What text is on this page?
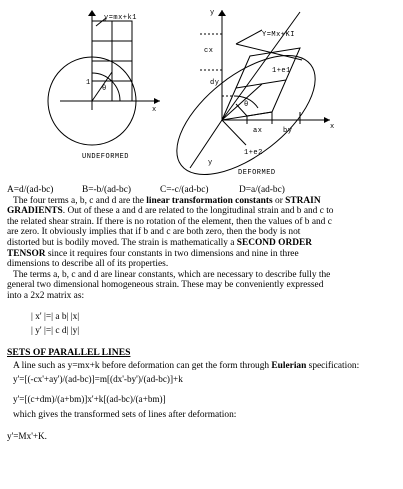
y=mx+k1
1
θ
x
UNDEFORMED
y
cx
Y=Mx+KI
1+e1
dy
θ
ax	by	x
y
1+e2
DEFORMED
A=d/(ad-bc)	B=-b/(ad-bc)	C=-c/(ad-bc)	D=a/(ad-bc)
The four terms a, b, c and d are the linear transformation constants or STRAIN
GRADIENTS. Out of these a and d are related to the longitudinal strain and b and c to
the related shear strain. If there is no rotation of the element, then the values of b and c
are zero. It obviously implies that if b and c are both zero, then the body is not
distorted but is bodily moved. The strain is mathematically a SECOND ORDER
TENSOR since it requires four constants in two dimensions and nine in three
dimensions to describe all of its properties.
The terms a, b, c and d are linear constants, which are necessary to describe fully the
general two dimensional homogeneous strain. These may be conveniently expressed
into a 2x2 matrix as:
| x' |=| a b| |x|
| y' |=| c d| |y|
SETS OF PARALLEL LINES
A line such as y=mx+k before deformation can get the form through Eulerian specification:
y'=[(-cx'+ay')/(ad-bc)]=m[(dx'-by')/(ad-bc)]+k
y'=[(c+dm)/(a+bm)]x'+k[(ad-bc)/(a+bm)]
which gives the transformed sets of lines after deformation:
y'=Mx'+K.
